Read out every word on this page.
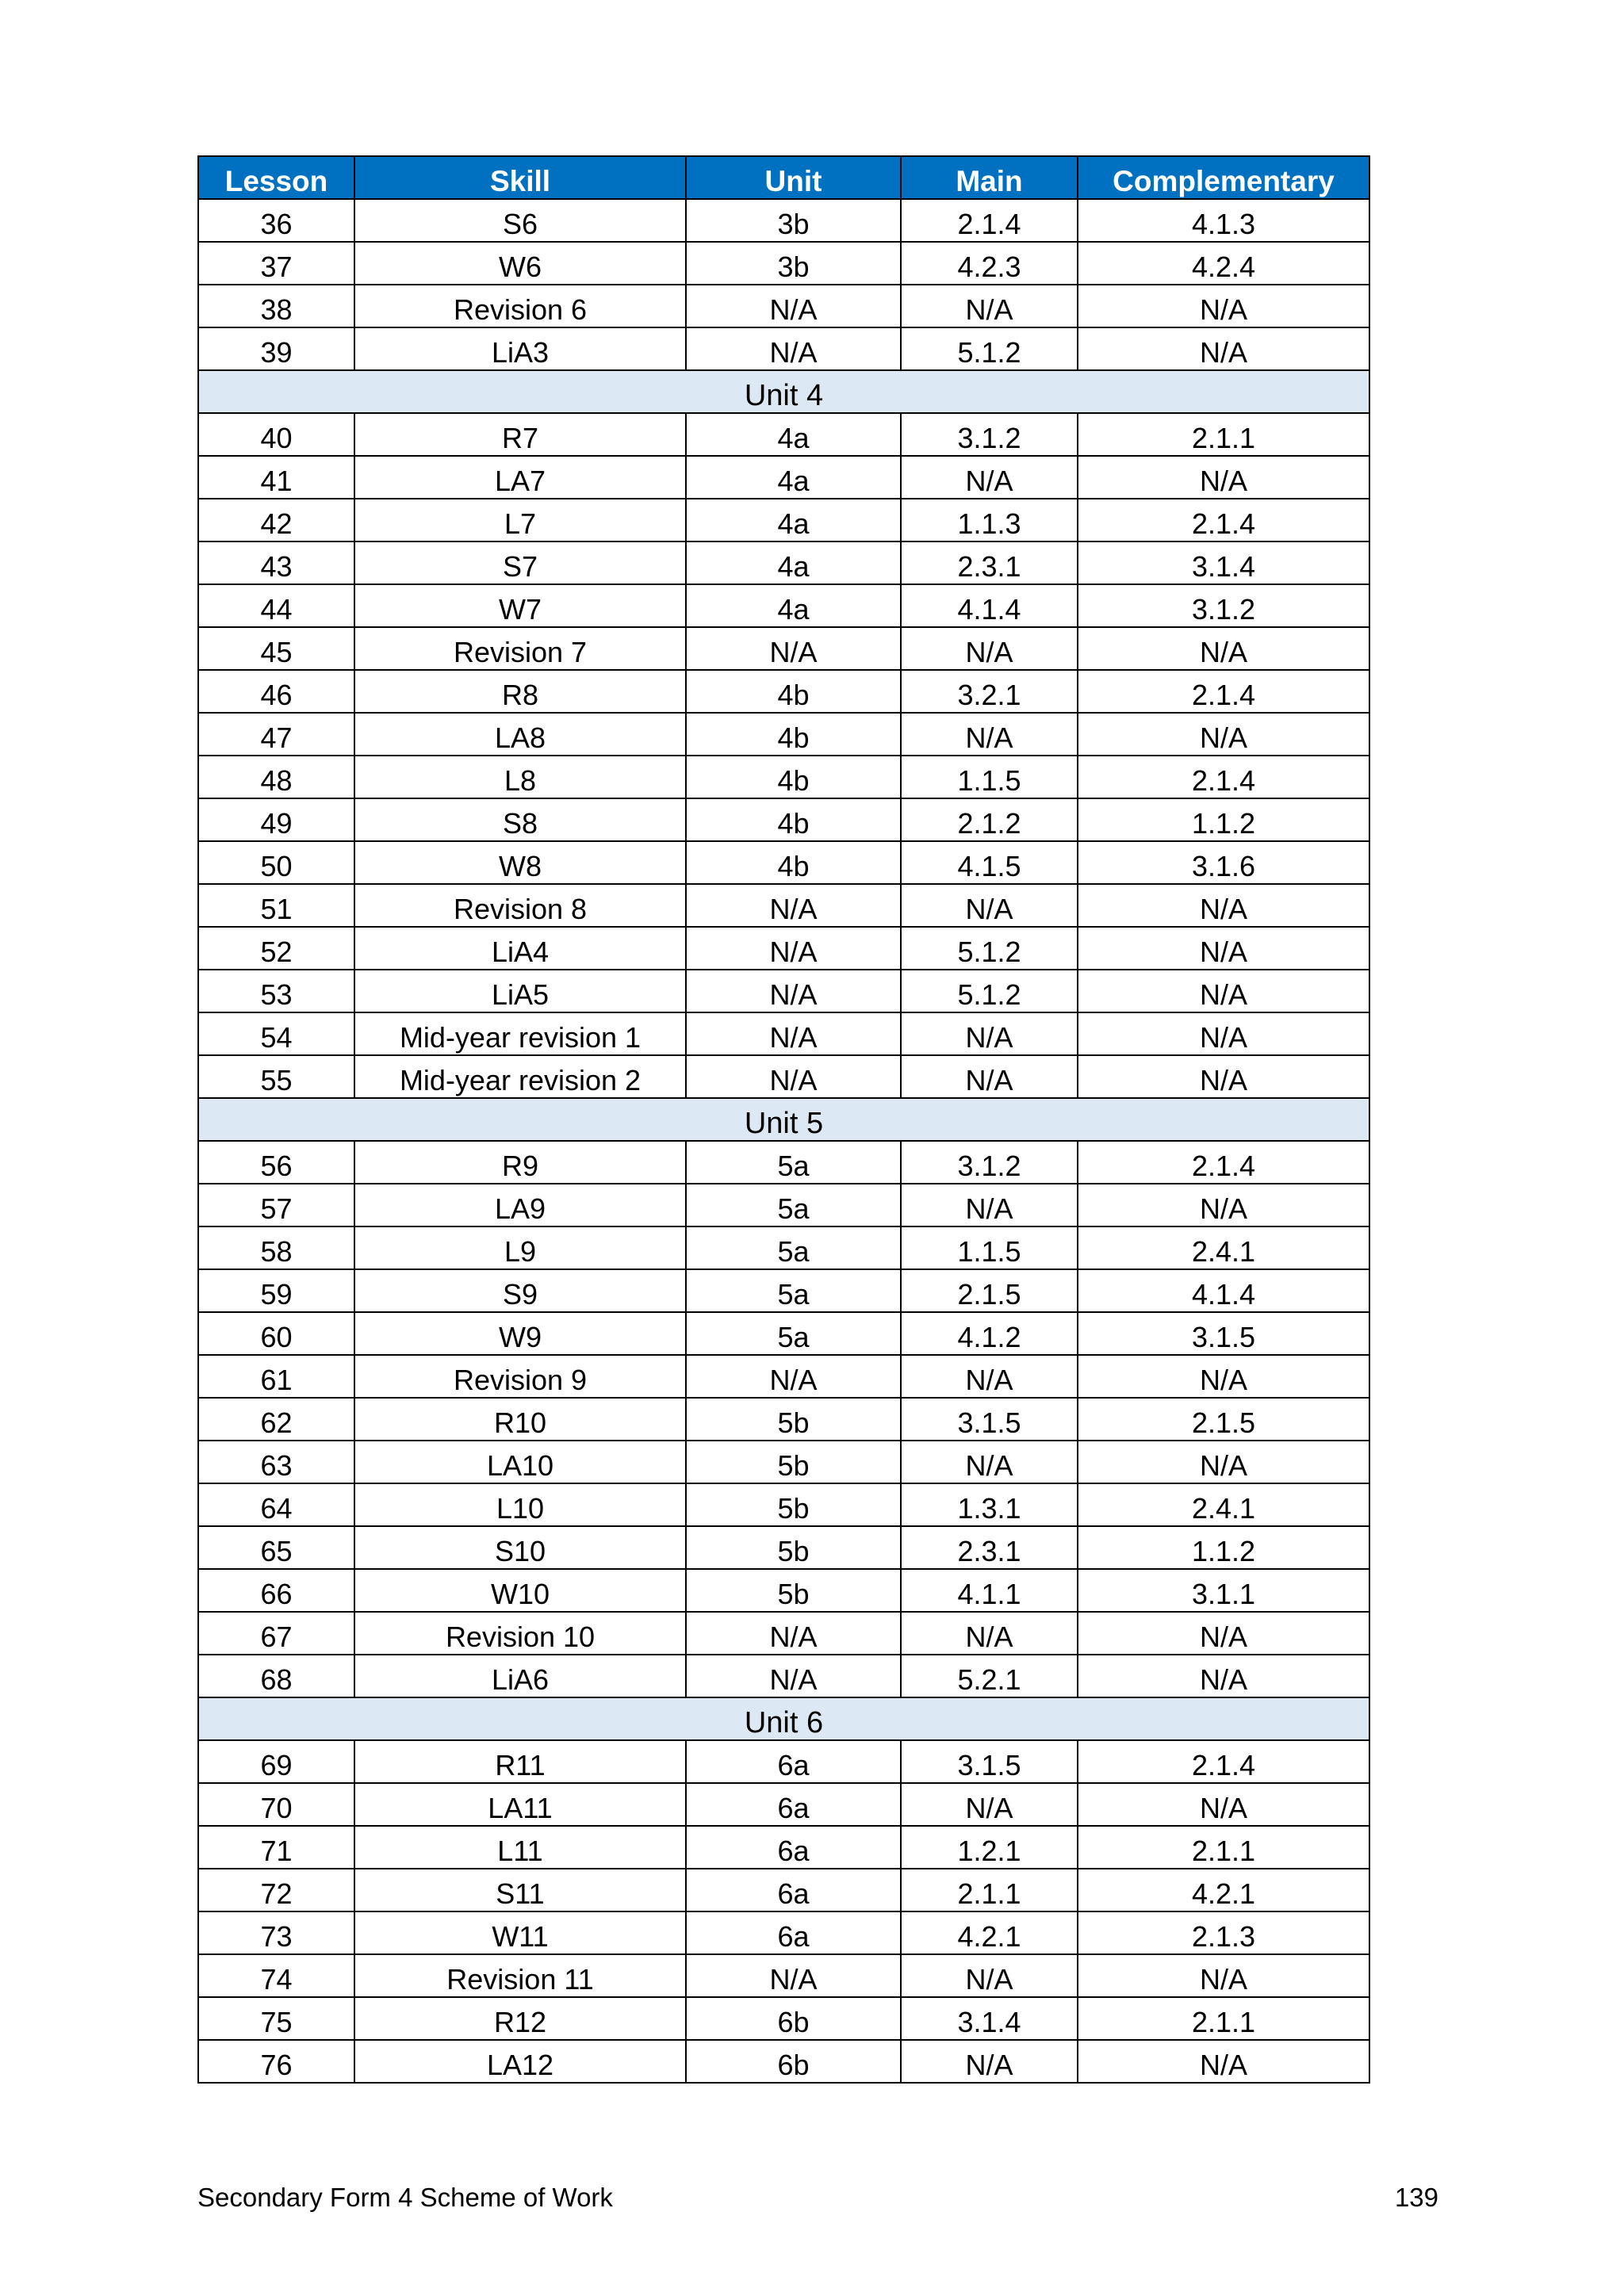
Lesson	Skill	Unit	Main	Complementary
36	S6	3b	2.1.4	4.1.3
37	W6	3b	4.2.3	4.2.4
38	Revision 6	N/A	N/A	N/A
39	LiA3	N/A	5.1.2	N/A
Unit 4				
40	R7	4a	3.1.2	2.1.1
41	LA7	4a	N/A	N/A
42	L7	4a	1.1.3	2.1.4
43	S7	4a	2.3.1	3.1.4
44	W7	4a	4.1.4	3.1.2
45	Revision 7	N/A	N/A	N/A
46	R8	4b	3.2.1	2.1.4
47	LA8	4b	N/A	N/A
48	L8	4b	1.1.5	2.1.4
49	S8	4b	2.1.2	1.1.2
50	W8	4b	4.1.5	3.1.6
51	Revision 8	N/A	N/A	N/A
52	LiA4	N/A	5.1.2	N/A
53	LiA5	N/A	5.1.2	N/A
54	Mid-year revision 1	N/A	N/A	N/A
55	Mid-year revision 2	N/A	N/A	N/A
Unit 5				
56	R9	5a	3.1.2	2.1.4
57	LA9	5a	N/A	N/A
58	L9	5a	1.1.5	2.4.1
59	S9	5a	2.1.5	4.1.4
60	W9	5a	4.1.2	3.1.5
61	Revision 9	N/A	N/A	N/A
62	R10	5b	3.1.5	2.1.5
63	LA10	5b	N/A	N/A
64	L10	5b	1.3.1	2.4.1
65	S10	5b	2.3.1	1.1.2
66	W10	5b	4.1.1	3.1.1
67	Revision 10	N/A	N/A	N/A
68	LiA6	N/A	5.2.1	N/A
Unit 6				
69	R11	6a	3.1.5	2.1.4
70	LA11	6a	N/A	N/A
71	L11	6a	1.2.1	2.1.1
72	S11	6a	2.1.1	4.2.1
73	W11	6a	4.2.1	2.1.3
74	Revision 11	N/A	N/A	N/A
75	R12	6b	3.1.4	2.1.1
76	LA12	6b	N/A	N/A
Secondary Form 4 Scheme of Work	139
